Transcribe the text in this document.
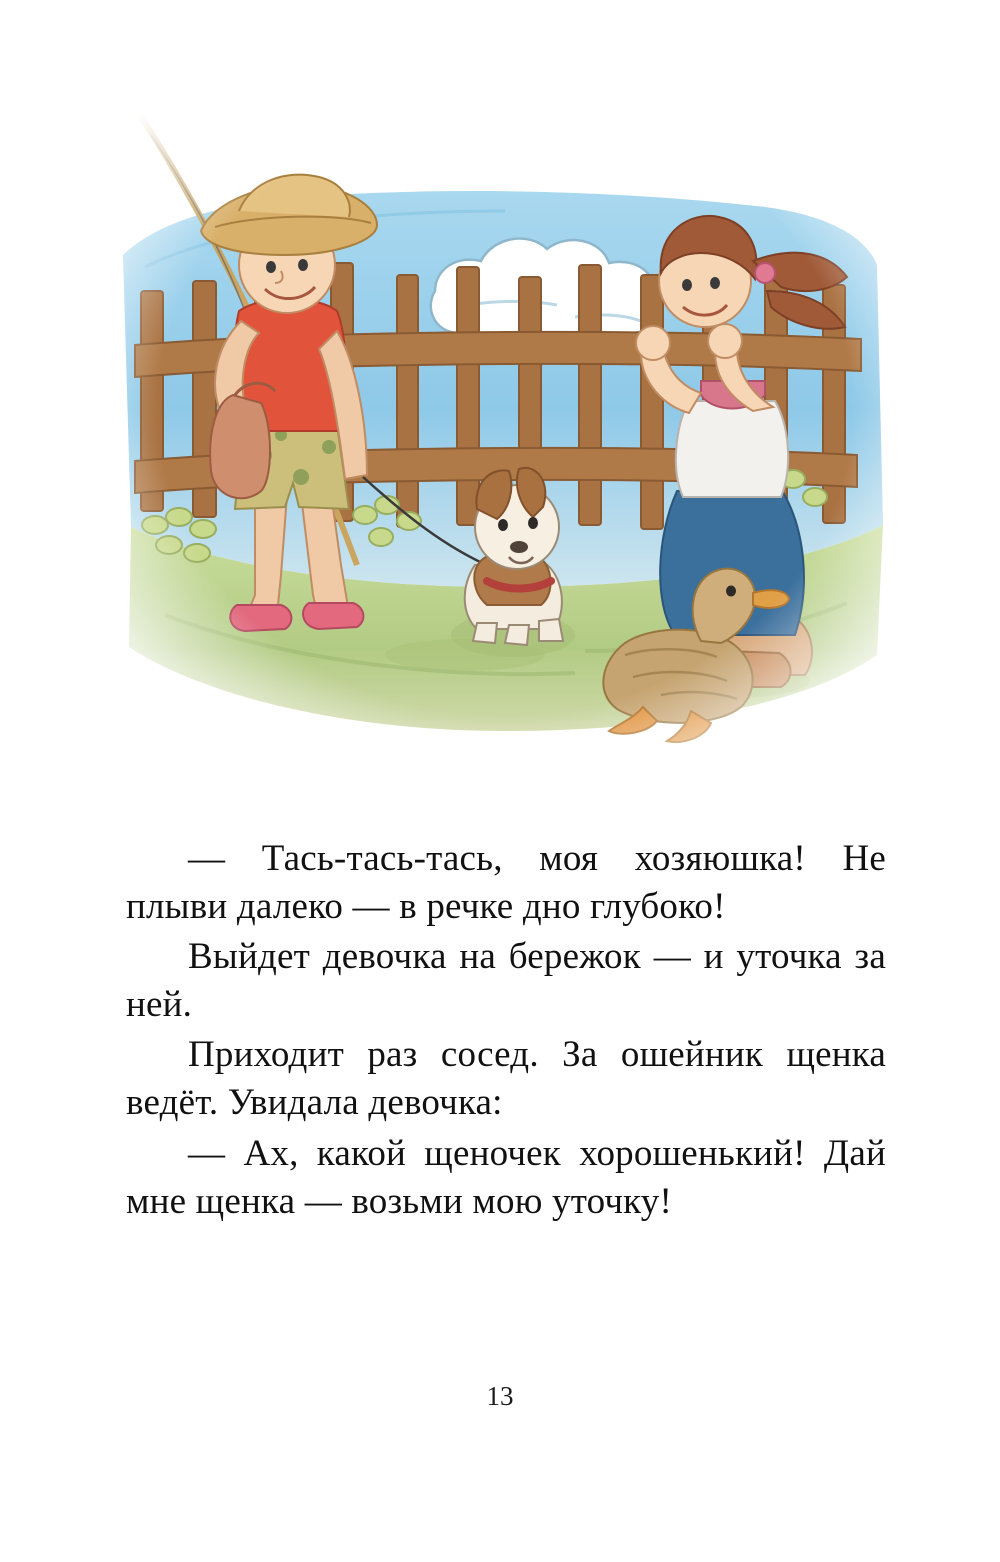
— Тась-тась-тась, моя хозяюшка! Не плыви далеко — в речке дно глубоко!

Выйдет девочка на бережок — и уточка за ней.

Приходит раз сосед. За ошейник щенка ведёт. Увидала девочка:

— Ах, какой щеночек хорошенький! Дай мне щенка — возьми мою уточку!

13
